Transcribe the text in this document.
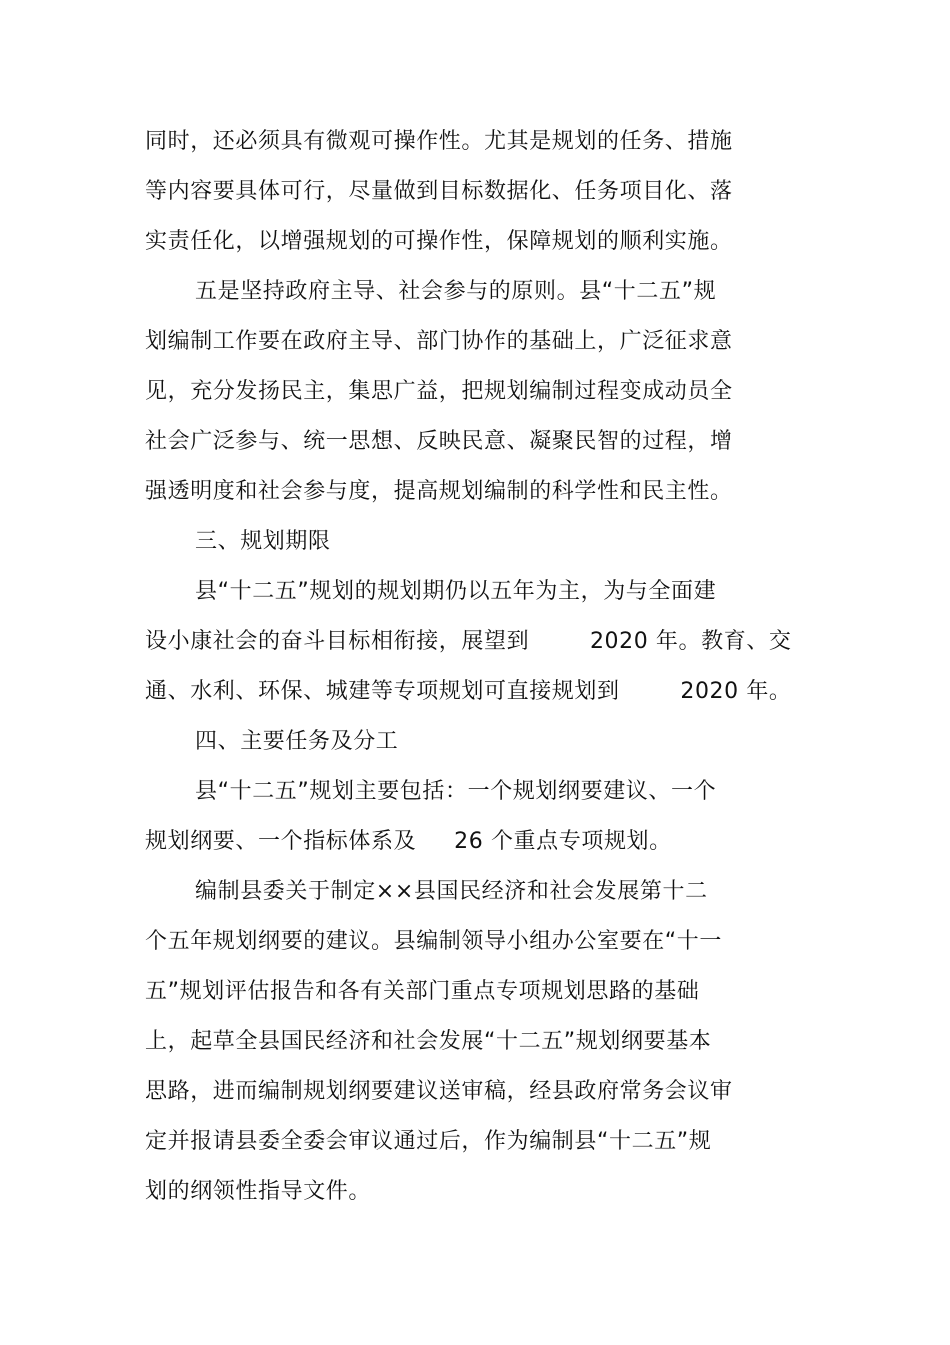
同时，还必须具有微观可操作性。尤其是规划的任务、措施
等内容要具体可行，尽量做到目标数据化、任务项目化、落
实责任化，以增强规划的可操作性，保障规划的顺利实施。
五是坚持政府主导、社会参与的原则。县“十二五”规
划编制工作要在政府主导、部门协作的基础上，广泛征求意
见，充分发扬民主，集思广益，把规划编制过程变成动员全
社会广泛参与、统一思想、反映民意、凝聚民智的过程，增
强透明度和社会参与度，提高规划编制的科学性和民主性。
三、规划期限
县“十二五”规划的规划期仍以五年为主，为与全面建
设小康社会的奋斗目标相衔接，展望到        2020 年。教育、交
通、水利、环保、城建等专项规划可直接规划到        2020 年。
四、主要任务及分工
县“十二五”规划主要包括：一个规划纲要建议、一个
规划纲要、一个指标体系及     26 个重点专项规划。
编制县委关于制定××县国民经济和社会发展第十二
个五年规划纲要的建议。县编制领导小组办公室要在“十一
五”规划评估报告和各有关部门重点专项规划思路的基础
上，起草全县国民经济和社会发展“十二五”规划纲要基本
思路，进而编制规划纲要建议送审稿，经县政府常务会议审
定并报请县委全委会审议通过后，作为编制县“十二五”规
划的纲领性指导文件。
